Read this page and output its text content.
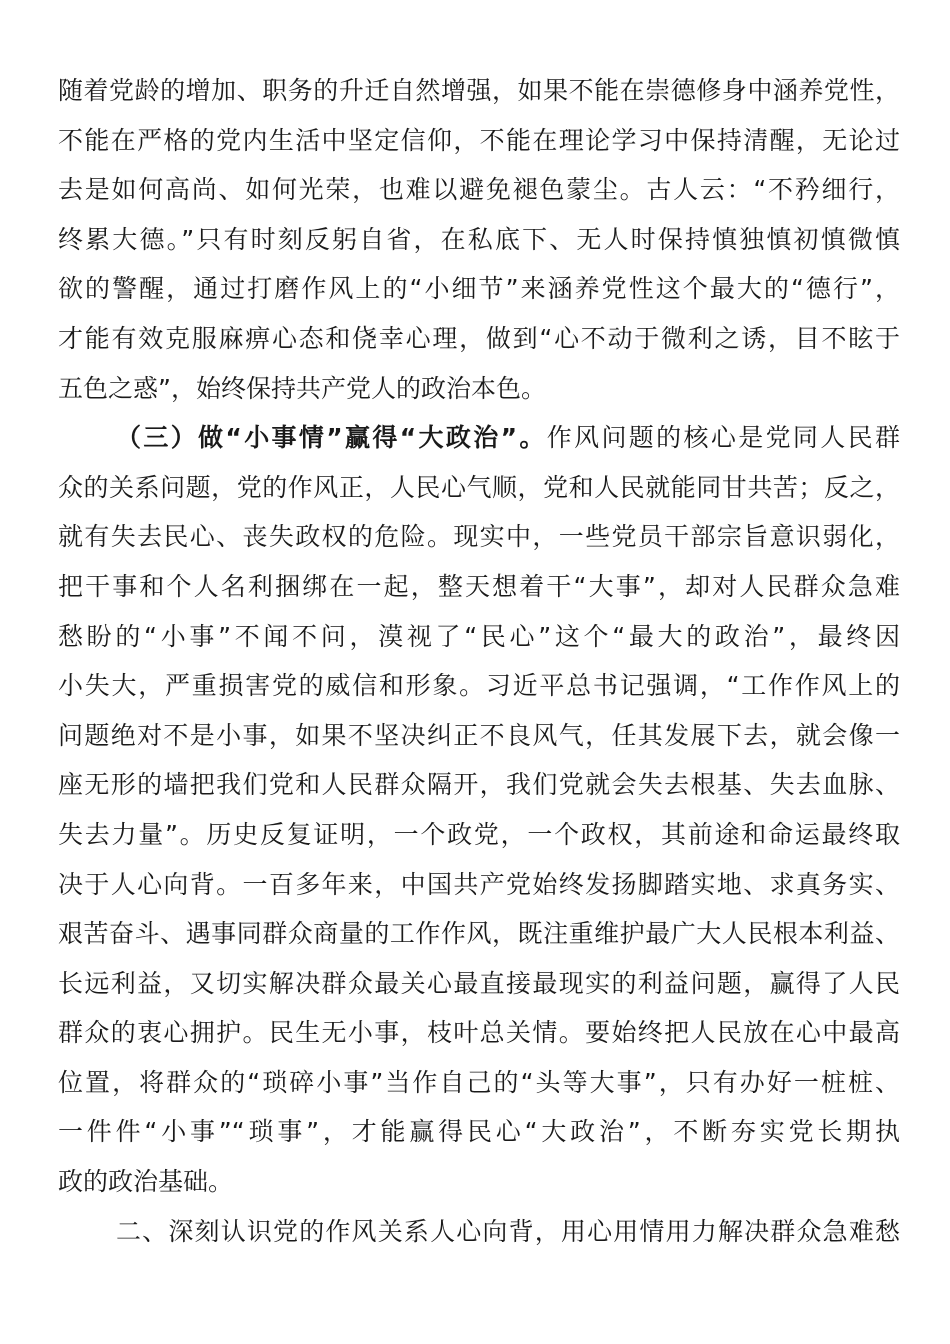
随着党龄的增加、职务的升迁自然增强，如果不能在崇德修身中涵养党性，
不能在严格的党内生活中坚定信仰，不能在理论学习中保持清醒，无论过
去是如何高尚、如何光荣，也难以避免褪色蒙尘。古人云：“不矜细行，
终累大德。”只有时刻反躬自省，在私底下、无人时保持慎独慎初慎微慎
欲的警醒，通过打磨作风上的“小细节”来涵养党性这个最大的“德行”，
才能有效克服麻痹心态和侥幸心理，做到“心不动于微利之诱，目不眩于
五色之惑”，始终保持共产党人的政治本色。
（三）做“小事情”赢得“大政治”。作风问题的核心是党同人民群
众的关系问题，党的作风正，人民心气顺，党和人民就能同甘共苦；反之，
就有失去民心、丧失政权的危险。现实中，一些党员干部宗旨意识弱化，
把干事和个人名利捆绑在一起，整天想着干“大事”，却对人民群众急难
愁盼的“小事”不闻不问，漠视了“民心”这个“最大的政治”，最终因
小失大，严重损害党的威信和形象。习近平总书记强调，“工作作风上的
问题绝对不是小事，如果不坚决纠正不良风气，任其发展下去，就会像一
座无形的墙把我们党和人民群众隔开，我们党就会失去根基、失去血脉、
失去力量”。历史反复证明，一个政党，一个政权，其前途和命运最终取
决于人心向背。一百多年来，中国共产党始终发扬脚踏实地、求真务实、
艰苦奋斗、遇事同群众商量的工作作风，既注重维护最广大人民根本利益、
长远利益，又切实解决群众最关心最直接最现实的利益问题，赢得了人民
群众的衷心拥护。民生无小事，枝叶总关情。要始终把人民放在心中最高
位置，将群众的“琐碎小事”当作自己的“头等大事”，只有办好一桩桩、
一件件“小事”“琐事”，才能赢得民心“大政治”，不断夯实党长期执
政的政治基础。
二、深刻认识党的作风关系人心向背，用心用情用力解决群众急难愁
